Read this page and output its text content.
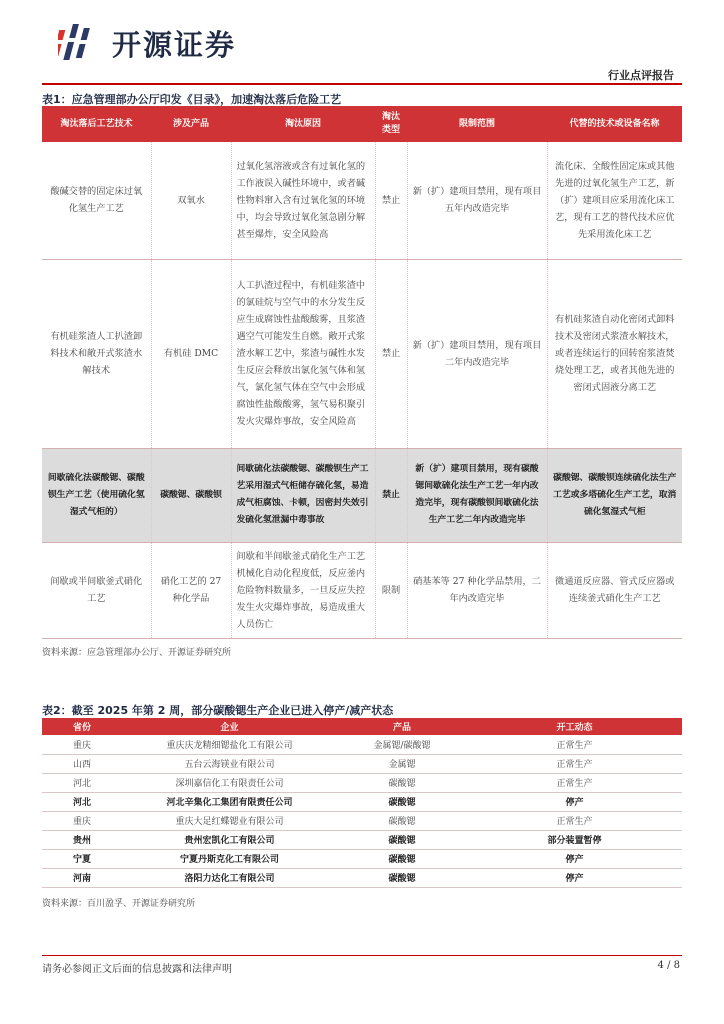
开源证券
行业点评报告
表1：应急管理部办公厅印发《目录》，加速淘汰落后危险工艺
淘汰落后工艺技术	涉及产品	淘汰原因	淘汰
类型	限制范围	代替的技术或设备名称
酸碱交替的固定床过氧化氢生产工艺	双氧水	过氧化氢溶液或含有过氧化氢的工作液误入碱性环境中，或者碱性物料窜入含有过氧化氢的环境中，均会导致过氧化氢急剧分解甚至爆炸，安全风险高	禁止	新（扩）建项目禁用，现有项目五年内改造完毕	流化床、全酸性固定床或其他先进的过氧化氢生产工艺，新（扩）建项目应采用流化床工艺，现有工艺的替代技术应优先采用流化床工艺
有机硅浆渣人工扒渣卸料技术和敞开式浆渣水解技术	有机硅 DMC	人工扒渣过程中，有机硅浆渣中的氯硅烷与空气中的水分发生反应生成腐蚀性盐酸酸雾，且浆渣遇空气可能发生自燃。敞开式浆渣水解工艺中，浆渣与碱性水发生反应会释放出氯化氢气体和氢气，氯化氢气体在空气中会形成腐蚀性盐酸酸雾，氢气易积聚引发火灾爆炸事故，安全风险高	禁止	新（扩）建项目禁用，现有项目二年内改造完毕	有机硅浆渣自动化密闭式卸料技术及密闭式浆渣水解技术，或者连续运行的回转窑浆渣焚烧处理工艺，或者其他先进的密闭式固液分离工艺
间歇硫化法碳酸锶、碳酸钡生产工艺（使用硫化氢湿式气柜的）	碳酸锶、碳酸钡	间歇硫化法碳酸锶、碳酸钡生产工艺采用湿式气柜储存硫化氢，易造成气柜腐蚀、卡顿，因密封失效引发硫化氢泄漏中毒事故	禁止	新（扩）建项目禁用，现有碳酸锶间歇硫化法生产工艺一年内改造完毕，现有碳酸钡间歇硫化法生产工艺二年内改造完毕	碳酸锶、碳酸钡连续硫化法生产工艺或多塔硫化生产工艺，取消硫化氢湿式气柜
间歇或半间歇釜式硝化工艺	硝化工艺的 27 种化学品	间歇和半间歇釜式硝化生产工艺机械化自动化程度低，反应釜内危险物料数量多，一旦反应失控发生火灾爆炸事故，易造成重大人员伤亡	限制	硝基苯等 27 种化学品禁用，二年内改造完毕	微通道反应器、管式反应器或连续釜式硝化生产工艺
资料来源：应急管理部办公厅、开源证券研究所
表2：截至 2025 年第 2 周，部分碳酸锶生产企业已进入停产/减产状态
省份	企业	产品	开工动态
重庆	重庆庆龙精细锶盐化工有限公司	金属锶/碳酸锶	正常生产
山西	五台云海镁业有限公司	金属锶	正常生产
河北	深圳嘉信化工有限责任公司	碳酸锶	正常生产
河北	河北辛集化工集团有限责任公司	碳酸锶	停产
重庆	重庆大足红蝶锶业有限公司	碳酸锶	正常生产
贵州	贵州宏凯化工有限公司	碳酸锶	部分装置暂停
宁夏	宁夏丹斯克化工有限公司	碳酸锶	停产
河南	洛阳力达化工有限公司	碳酸锶	停产
资料来源：百川盈孚、开源证券研究所
请务必参阅正文后面的信息披露和法律声明	4 / 8
